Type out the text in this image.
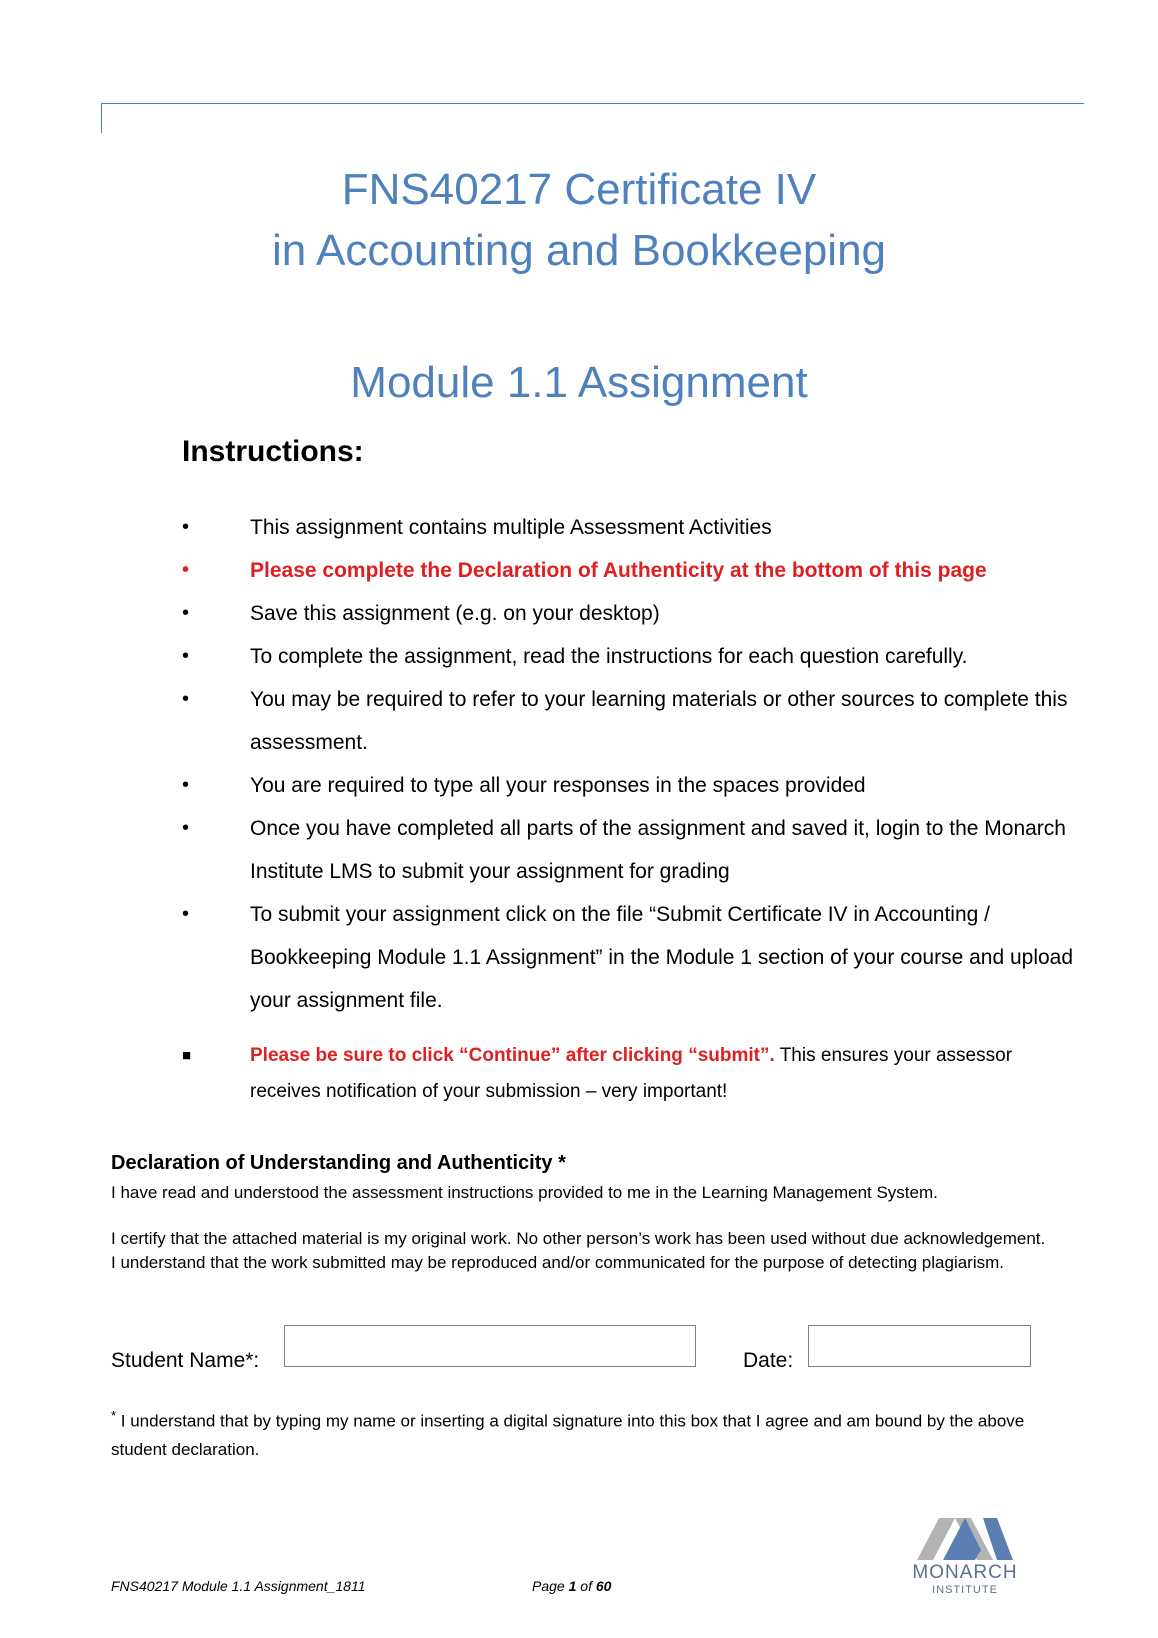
FNS40217 Certificate IV
in Accounting and Bookkeeping
Module 1.1 Assignment
Instructions:
•	This assignment contains multiple Assessment Activities
•	Please complete the Declaration of Authenticity at the bottom of this page
•	Save this assignment (e.g. on your desktop)
•	To complete the assignment, read the instructions for each question carefully.
•	You may be required to refer to your learning materials or other sources to complete this assessment.
•	You are required to type all your responses in the spaces provided
•	Once you have completed all parts of the assignment and saved it, login to the Monarch Institute LMS to submit your assignment for grading
•	To submit your assignment click on the file “Submit Certificate IV in Accounting / Bookkeeping Module 1.1 Assignment” in the Module 1 section of your course and upload your assignment file.
■	Please be sure to click “Continue” after clicking “submit”. This ensures your assessor receives notification of your submission – very important!
Declaration of Understanding and Authenticity *
I have read and understood the assessment instructions provided to me in the Learning Management System.
I certify that the attached material is my original work. No other person’s work has been used without due acknowledgement. I understand that the work submitted may be reproduced and/or communicated for the purpose of detecting plagiarism.
Student Name*:	Date:
* I understand that by typing my name or inserting a digital signature into this box that I agree and am bound by the above student declaration.
FNS40217 Module 1.1 Assignment_1811	Page 1 of 60
MONARCH
INSTITUTE
